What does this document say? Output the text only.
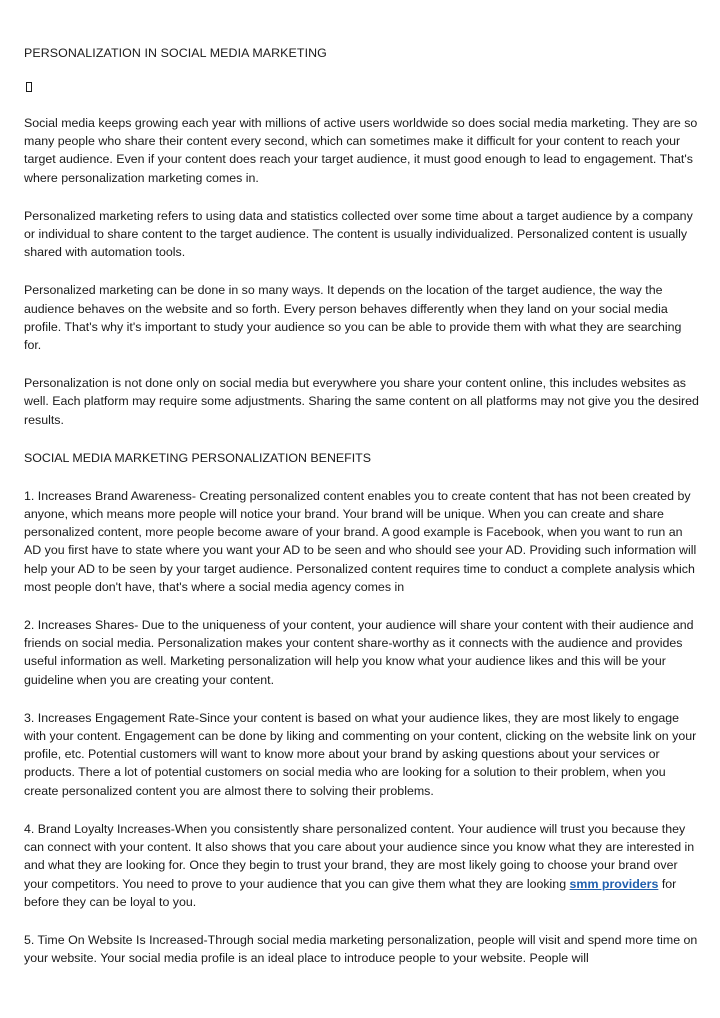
PERSONALIZATION IN SOCIAL MEDIA MARKETING

Social media keeps growing each year with millions of active users worldwide so does social media marketing. They are so many people who share their content every second, which can sometimes make it difficult for your content to reach your target audience. Even if your content does reach your target audience, it must good enough to lead to engagement. That's where personalization marketing comes in.

Personalized marketing refers to using data and statistics collected over some time about a target audience by a company or individual to share content to the target audience. The content is usually individualized. Personalized content is usually shared with automation tools.

Personalized marketing can be done in so many ways. It depends on the location of the target audience, the way the audience behaves on the website and so forth. Every person behaves differently when they land on your social media profile. That's why it's important to study your audience so you can be able to provide them with what they are searching for.

Personalization is not done only on social media but everywhere you share your content online, this includes websites as well. Each platform may require some adjustments. Sharing the same content on all platforms may not give you the desired results.

SOCIAL MEDIA MARKETING PERSONALIZATION BENEFITS

1. Increases Brand Awareness- Creating personalized content enables you to create content that has not been created by anyone, which means more people will notice your brand. Your brand will be unique. When you can create and share personalized content, more people become aware of your brand. A good example is Facebook, when you want to run an AD you first have to state where you want your AD to be seen and who should see your AD. Providing such information will help your AD to be seen by your target audience. Personalized content requires time to conduct a complete analysis which most people don't have, that's where a social media agency comes in

2. Increases Shares- Due to the uniqueness of your content, your audience will share your content with their audience and friends on social media. Personalization makes your content share-worthy as it connects with the audience and provides useful information as well. Marketing personalization will help you know what your audience likes and this will be your guideline when you are creating your content.

3. Increases Engagement Rate-Since your content is based on what your audience likes, they are most likely to engage with your content. Engagement can be done by liking and commenting on your content, clicking on the website link on your profile, etc. Potential customers will want to know more about your brand by asking questions about your services or products. There a lot of potential customers on social media who are looking for a solution to their problem, when you create personalized content you are almost there to solving their problems.

4. Brand Loyalty Increases-When you consistently share personalized content. Your audience will trust you because they can connect with your content. It also shows that you care about your audience since you know what they are interested in and what they are looking for. Once they begin to trust your brand, they are most likely going to choose your brand over your competitors. You need to prove to your audience that you can give them what they are looking smm providers for before they can be loyal to you.

5. Time On Website Is Increased-Through social media marketing personalization, people will visit and spend more time on your website. Your social media profile is an ideal place to introduce people to your website. People will
